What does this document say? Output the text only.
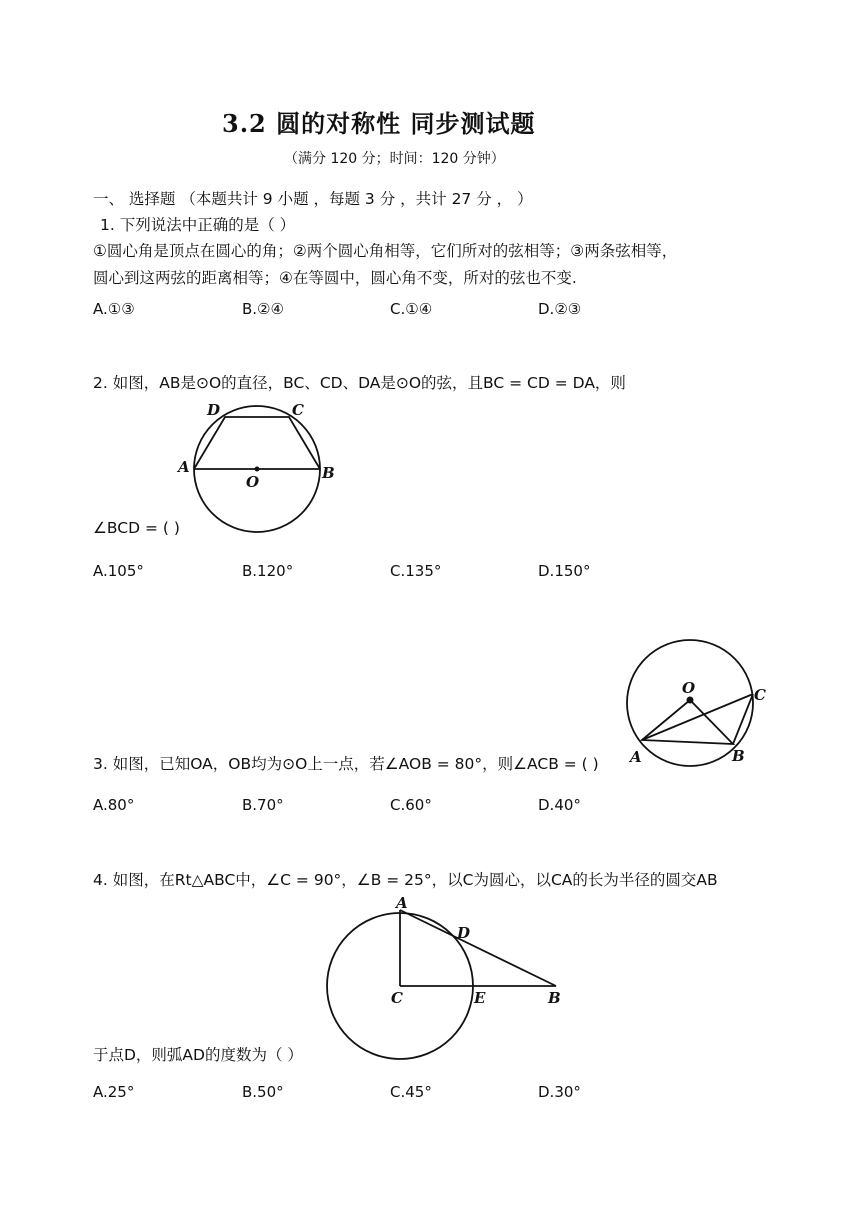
3.2 圆的对称性 同步测试题
（满分 120 分；时间：120 分钟）
一、 选择题 （本题共计 9 小题 ，每题 3 分 ，共计 27 分 ， ）
1. 下列说法中正确的是（ ）
①圆心角是顶点在圆心的角；②两个圆心角相等，它们所对的弦相等；③两条弦相等，
圆心到这两弦的距离相等；④在等圆中，圆心角不变，所对的弦也不变.
A.①③	B.②④	C.①④	D.②③
2. 如图，AB是⊙O的直径，BC、CD、DA是⊙O的弦，且BC = CD = DA，则
D	C
A	B
O
∠BCD = ( )
A.105°	B.120°	C.135°	D.150°
O	C
A	B
3. 如图，已知OA，OB均为⊙O上一点，若∠AOB = 80°，则∠ACB = ( )
A.80°	B.70°	C.60°	D.40°
4. 如图，在Rt△ABC中，∠C = 90°，∠B = 25°，以C为圆心，以CA的长为半径的圆交AB
A
D
C	E	B
于点D，则弧AD的度数为（ ）
A.25°	B.50°	C.45°	D.30°
